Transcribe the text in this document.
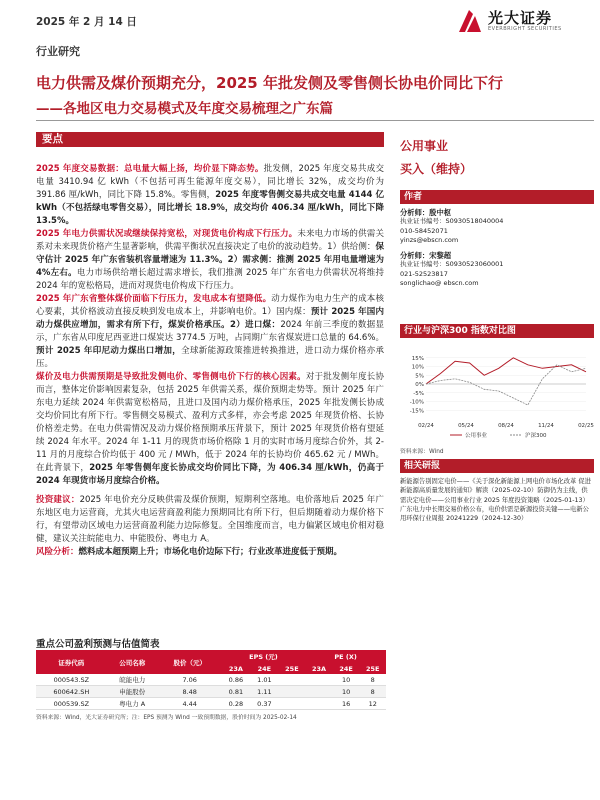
2025 年 2 月 14 日	光大证券
EVERBRIGHT SECURITIES
行业研究
电力供需及煤价预期充分，2025 年批发侧及零售侧长协电价同比下行
——各地区电力交易模式及年度交易梳理之广东篇
要点

2025 年度交易数据：总电量大幅上扬，均价显下降态势。批发侧，2025 年度交易共成交电量 3410.94 亿 kWh（不包括可再生能源年度交易），同比增长 32%，成交均价为 391.86 厘/kWh，同比下降 15.8%。零售侧，2025 年度零售侧交易共成交电量 4144 亿 kWh（不包括绿电零售交易），同比增长 18.9%，成交均价 406.34 厘/kWh，同比下降 13.5%。

2025 年电力供需状况或继续保持宽松，对现货电价构成下行压力。未来电力市场的供需关系对未来现货价格产生显著影响，供需平衡状况直接决定了电价的波动趋势。1）供给侧：保守估计 2025 年广东省装机容量增速为 11.3%。2）需求侧：推测 2025 年用电量增速为 4%左右。电力市场供给增长超过需求增长，我们推测 2025 年广东省电力供需状况将维持 2024 年的宽松格局，进而对现货电价构成下行压力。

2025 年广东省整体煤价面临下行压力，发电成本有望降低。动力煤作为电力生产的成本核心要素，其价格波动直接反映到发电成本上，并影响电价。1）国内煤：预计 2025 年国内动力煤供应增加，需求有所下行，煤炭价格承压。2）进口煤：2024 年前三季度的数据显示，广东省从印度尼西亚进口煤炭达 3774.5 万吨，占同期广东省煤炭进口总量的 64.6%。预计 2025 年印尼动力煤出口增加，全球新能源政策推进转换推进，进口动力煤价格亦承压。

煤价及电力供需预期是导致批发侧电价、零售侧电价下行的核心因素。对于批发侧年度长协而言，整体定价影响因素复杂，包括 2025 年供需关系，煤价预期走势等。预计 2025 年广东电力延续 2024 年供需宽松格局，且进口及国内动力煤价格承压，2025 年批发侧长协成交均价同比有所下行。零售侧交易模式、盈利方式多样，亦会考虑 2025 年现货价格、长协价格差走势。在电力供需情况及动力煤价格预期承压背景下，预计 2025 年现货价格有望延续 2024 年水平。2024 年 1-11 月的现货市场价格除 1 月的实时市场月度综合价外，其 2-11 月的月度综合价均低于 400 元 / MWh，低于 2024 年的长协均价 465.62 元 / MWh。在此背景下，2025 年零售侧年度长协成交均价同比下降，为 406.34 厘/kWh，仍高于 2024 年现货市场月度综合价格。

投资建议：2025 年电价充分反映供需及煤价预期，短期利空落地。电价落地后 2025 年广东地区电力运营商，尤其火电运营商盈利能力预期同比有所下行，但后期随着动力煤价格下行，有望带动区域电力运营商盈利能力边际修复。全国维度而言，电力偏紧区域电价相对稳健，建议关注皖能电力、申能股份、粤电力 A。

风险分析：燃料成本超预期上升；市场化电价边际下行；行业改革进度低于预期。

公用事业
买入（维持）
作者
分析师：殷中枢
执业证书编号：S0930518040004
010-58452071
yinzs@ebscn.com
分析师：宋黎超
执业证书编号：S0930523060001
021-52523817
songlichao@ ebscn.com
行业与沪深300 指数对比图
-15%
-10%
-5%
0%
5%
10%
15%
02/24	05/24	08/24	11/24	02/25
公用事业	沪深300
资料来源：Wind
相关研报
新能源告别固定电价——《关于深化新能源上网电价市场化改革 促进新能源高质量发展的通知》解读（2025-02-10）防御仍为主线，供需决定电价——公用事业行业 2025 年度投资策略（2025-01-13）广东电力中长期交易价格公布，电价供需是新源投资关键——电新公用环保行业周报 20241229（2024-12-30）
重点公司盈利预测与估值简表
证券代码	公司名称	股价（元）	EPS (元)			PE (X)		
			23A	24E	25E	23A	24E	25E
000543.SZ	皖能电力	7.06	0.86	1.01			10	8
600642.SH	申能股份	8.48	0.81	1.11			10	8
000539.SZ	粤电力 A	4.44	0.28	0.37			16	12
资料来源：Wind，光大证券研究所；注：EPS 预测为 Wind 一致预期数据，股价时间为 2025-02-14
